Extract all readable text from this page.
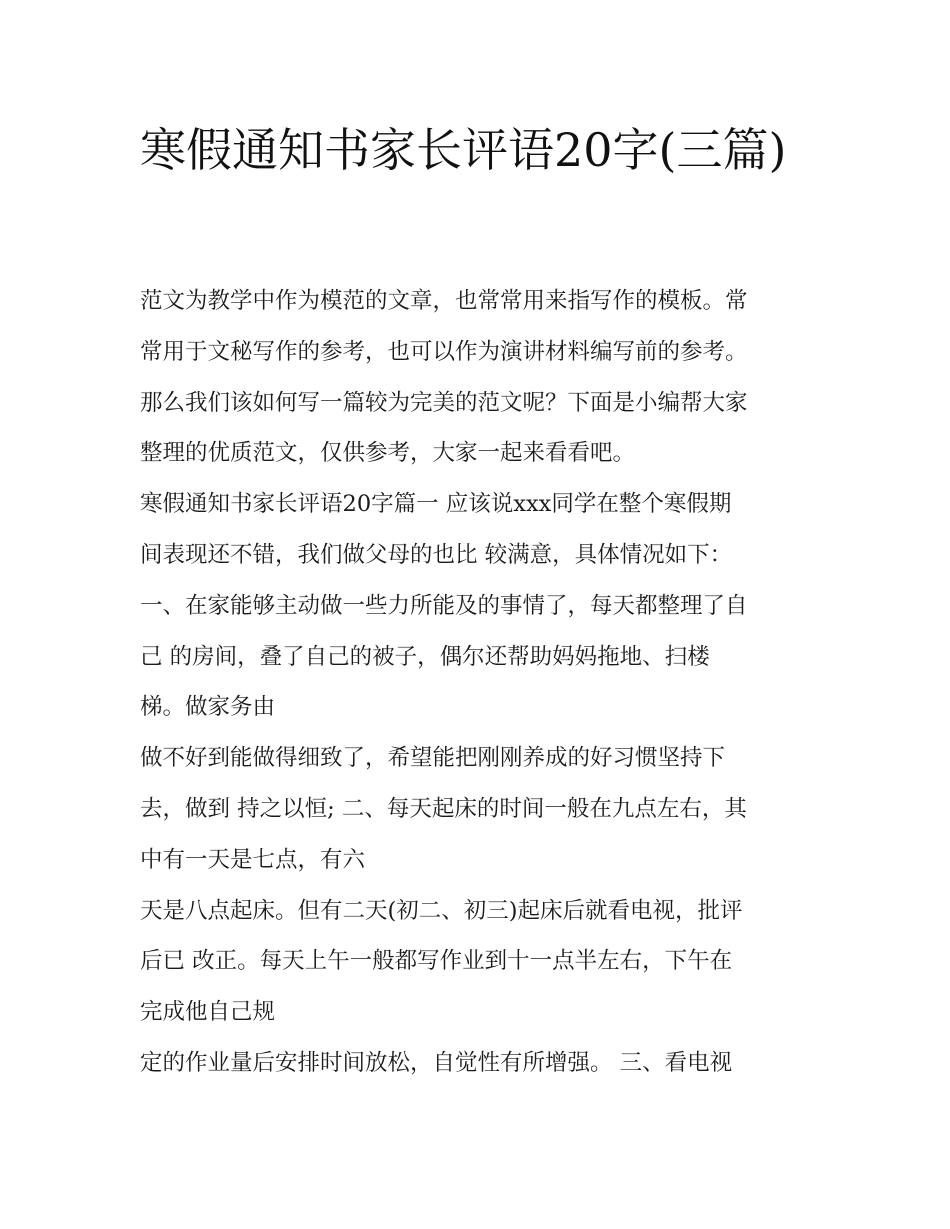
寒假通知书家长评语20字(三篇)
范文为教学中作为模范的文章，也常常用来指写作的模板。常
常用于文秘写作的参考，也可以作为演讲材料编写前的参考。
那么我们该如何写一篇较为完美的范文呢？下面是小编帮大家
整理的优质范文，仅供参考，大家一起来看看吧。
寒假通知书家长评语20字篇一 应该说xxx同学在整个寒假期
间表现还不错，我们做父母的也比 较满意，具体情况如下：
一、在家能够主动做一些力所能及的事情了，每天都整理了自
己 的房间，叠了自己的被子，偶尔还帮助妈妈拖地、扫楼
梯。做家务由
做不好到能做得细致了，希望能把刚刚养成的好习惯坚持下
去，做到 持之以恒; 二、每天起床的时间一般在九点左右，其
中有一天是七点，有六
天是八点起床。但有二天(初二、初三)起床后就看电视，批评
后已 改正。每天上午一般都写作业到十一点半左右，下午在
完成他自己规
定的作业量后安排时间放松，自觉性有所增强。 三、看电视
